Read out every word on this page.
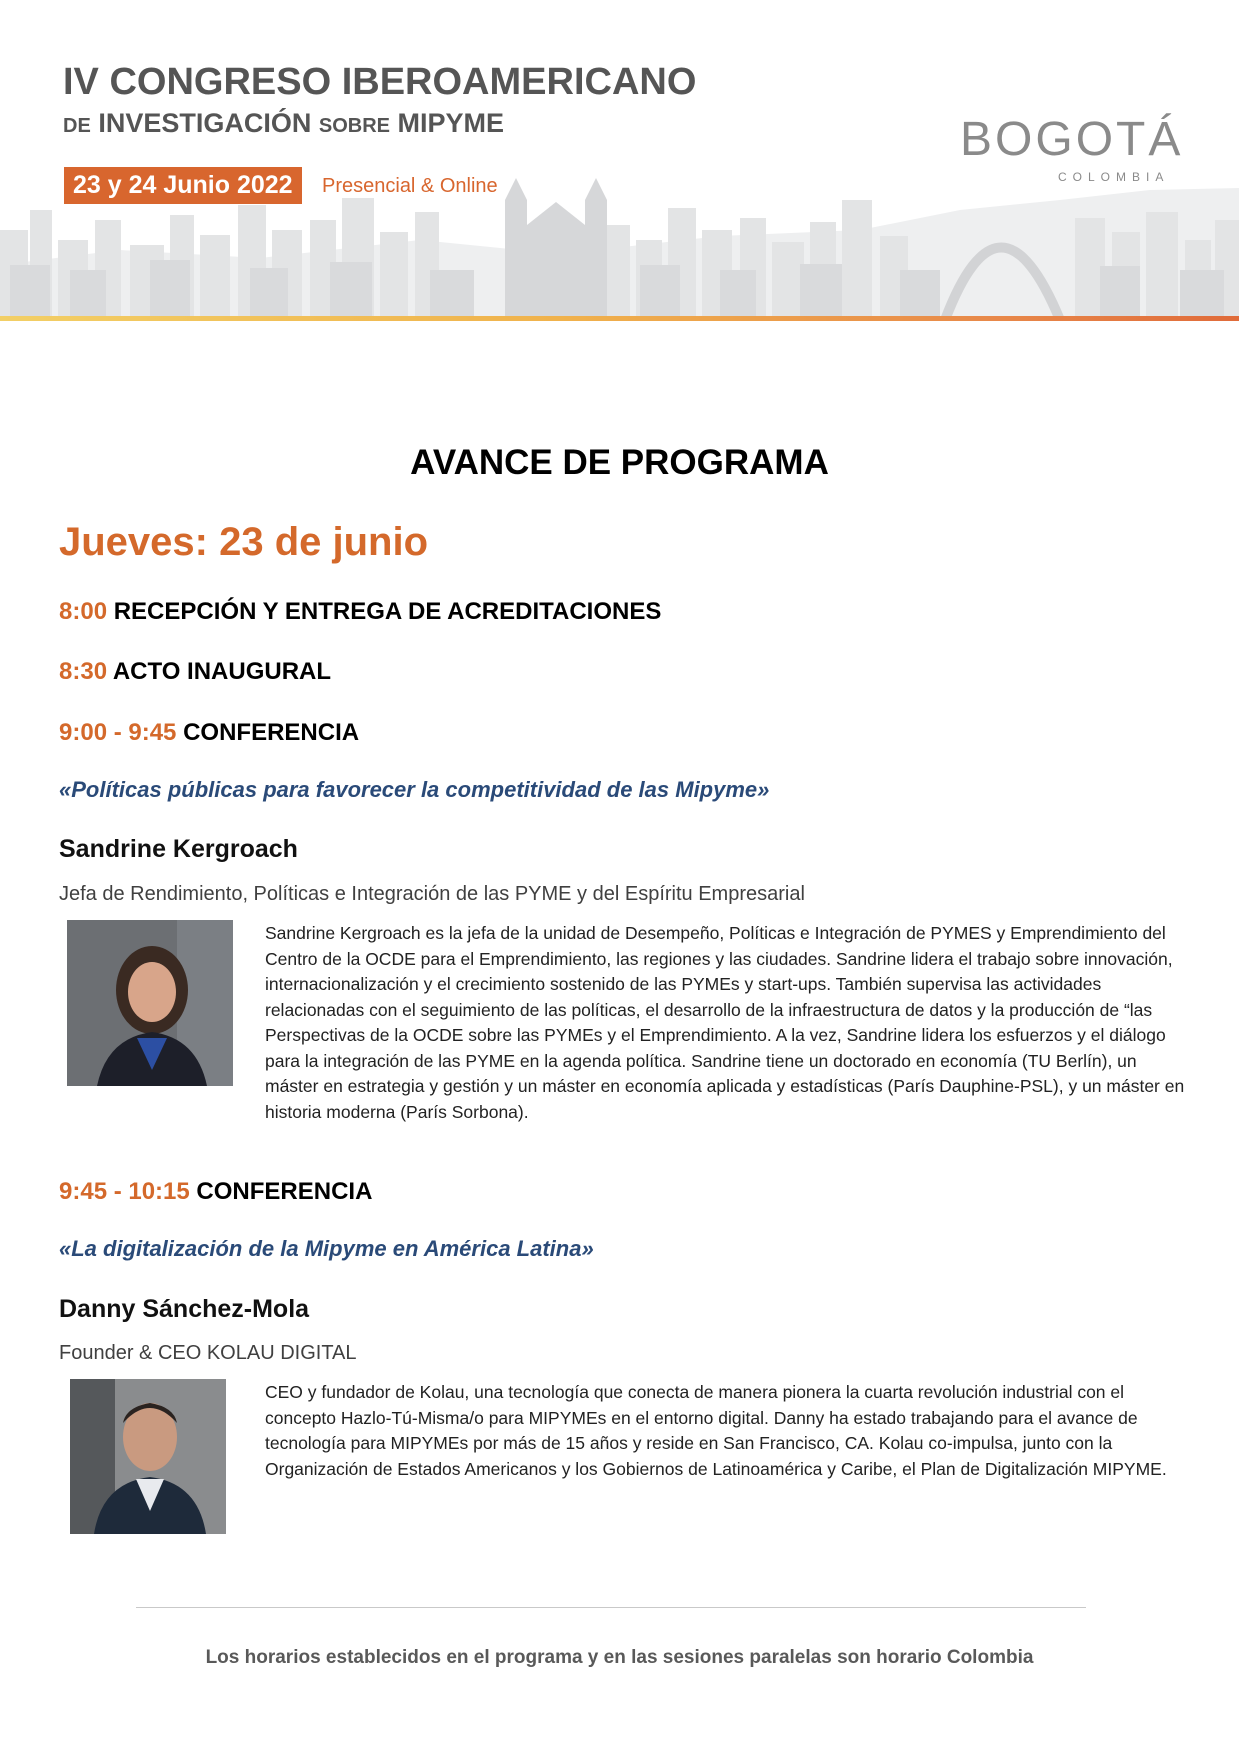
IV CONGRESO IBEROAMERICANO
DE INVESTIGACIÓN SOBRE MIPYME
23 y 24 Junio 2022	Presencial & Online
BOGOTÁ
COLOMBIA
AVANCE DE PROGRAMA
Jueves: 23 de junio
8:00 RECEPCIÓN Y ENTREGA DE ACREDITACIONES
8:30 ACTO INAUGURAL
9:00 - 9:45 CONFERENCIA
«Políticas públicas para favorecer la competitividad de las Mipyme»
Sandrine Kergroach
Jefa de Rendimiento, Políticas e Integración de las PYME y del Espíritu Empresarial
Sandrine Kergroach es la jefa de la unidad de Desempeño, Políticas e Integración de PYMES y Emprendimiento del Centro de la OCDE para el Emprendimiento, las regiones y las ciudades. Sandrine lidera el trabajo sobre innovación, internacionalización y el crecimiento sostenido de las PYMEs y start-ups. También supervisa las actividades relacionadas con el seguimiento de las políticas, el desarrollo de la infraestructura de datos y la producción de “las Perspectivas de la OCDE sobre las PYMEs y el Emprendimiento. A la vez, Sandrine lidera los esfuerzos y el diálogo para la integración de las PYME en la agenda política. Sandrine tiene un doctorado en economía (TU Berlín), un máster en estrategia y gestión y un máster en economía aplicada y estadísticas (París Dauphine-PSL), y un máster en historia moderna (París Sorbona).
9:45 - 10:15 CONFERENCIA
«La digitalización de la Mipyme en América Latina»
Danny Sánchez-Mola
Founder & CEO KOLAU DIGITAL
CEO y fundador de Kolau, una tecnología que conecta de manera pionera la cuarta revolución industrial con el concepto Hazlo-Tú-Misma/o para MIPYMEs en el entorno digital. Danny ha estado trabajando para el avance de tecnología para MIPYMEs por más de 15 años y reside en San Francisco, CA. Kolau co-impulsa, junto con la Organización de Estados Americanos y los Gobiernos de Latinoamérica y Caribe, el Plan de Digitalización MIPYME.
Los horarios establecidos en el programa y en las sesiones paralelas son horario Colombia
